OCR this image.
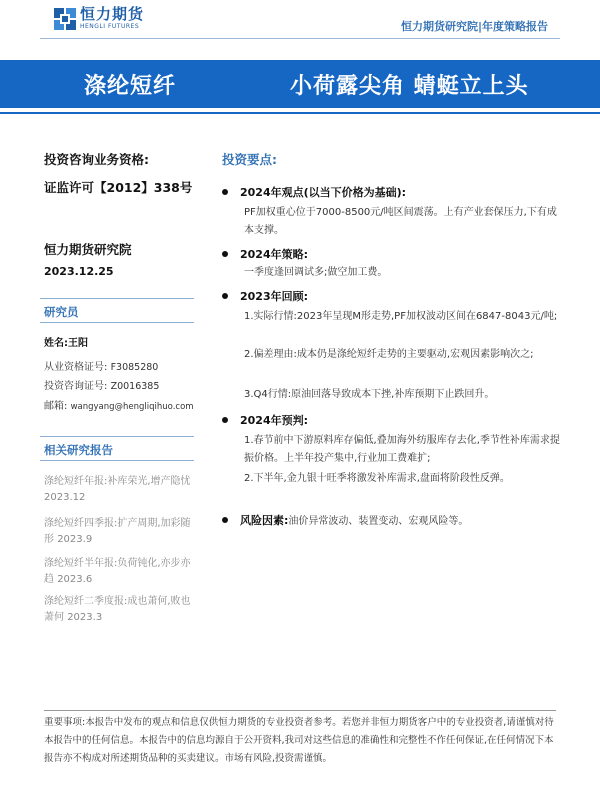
恒力期货
HENGLI FUTURES	恒力期货研究院|年度策略报告
涤纶短纤	小荷露尖角 蜻蜓立上头
投资咨询业务资格:
证监许可【2012】338号
恒力期货研究院
2023.12.25
研究员
姓名:王阳
从业资格证号: F3085280
投资咨询证号: Z0016385
邮箱: wangyang@hengliqihuo.com
相关研究报告
涤纶短纤年报:补库荣光,增产隐忧 2023.12
涤纶短纤四季报:扩产周期,加彩随形 2023.9
涤纶短纤半年报:负荷钝化,亦步亦趋 2023.6
涤纶短纤二季度报:成也萧何,败也萧何 2023.3
投资要点:
2024年观点(以当下价格为基础):
PF加权重心位于7000-8500元/吨区间震荡。上有产业套保压力,下有成本支撑。
2024年策略:
一季度逢回调试多;做空加工费。
2023年回顾:
1.实际行情:2023年呈现M形走势,PF加权波动区间在6847-8043元/吨;
2.偏差理由:成本仍是涤纶短纤走势的主要驱动,宏观因素影响次之;
3.Q4行情:原油回落导致成本下挫,补库预期下止跌回升。
2024年预判:
1.春节前中下游原料库存偏低,叠加海外纺服库存去化,季节性补库需求提振价格。上半年投产集中,行业加工费难扩;
2.下半年,金九银十旺季将激发补库需求,盘面将阶段性反弹。
风险因素:油价异常波动、装置变动、宏观风险等。
重要事项:本报告中发布的观点和信息仅供恒力期货的专业投资者参考。若您并非恒力期货客户中的专业投资者,请谨慎对待本报告中的任何信息。本报告中的信息均源自于公开资料,我司对这些信息的准确性和完整性不作任何保证,在任何情况下本报告亦不构成对所述期货品种的买卖建议。市场有风险,投资需谨慎。
